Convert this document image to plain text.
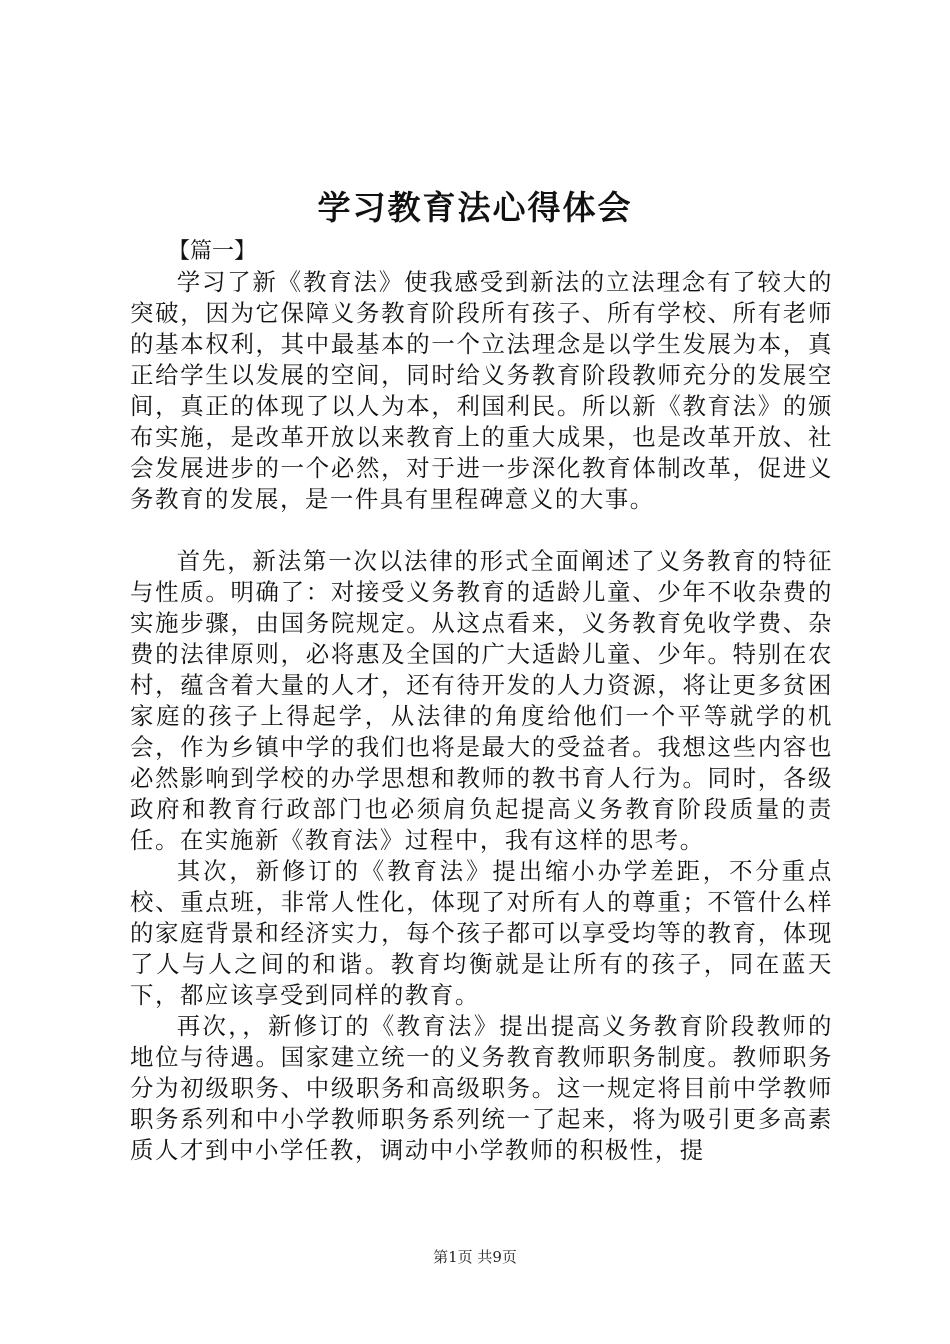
学习教育法心得体会
【篇一】

学习了新《教育法》使我感受到新法的立法理念有了较大的突破，因为它保障义务教育阶段所有孩子、所有学校、所有老师的基本权利，其中最基本的一个立法理念是以学生发展为本，真正给学生以发展的空间，同时给义务教育阶段教师充分的发展空间，真正的体现了以人为本，利国利民。所以新《教育法》的颁布实施，是改革开放以来教育上的重大成果，也是改革开放、社会发展进步的一个必然，对于进一步深化教育体制改革，促进义务教育的发展，是一件具有里程碑意义的大事。

首先，新法第一次以法律的形式全面阐述了义务教育的特征与性质。明确了：对接受义务教育的适龄儿童、少年不收杂费的实施步骤，由国务院规定。从这点看来，义务教育免收学费、杂费的法律原则，必将惠及全国的广大适龄儿童、少年。特别在农村，蕴含着大量的人才，还有待开发的人力资源，将让更多贫困家庭的孩子上得起学，从法律的角度给他们一个平等就学的机会，作为乡镇中学的我们也将是最大的受益者。我想这些内容也必然影响到学校的办学思想和教师的教书育人行为。同时，各级政府和教育行政部门也必须肩负起提高义务教育阶段质量的责任。在实施新《教育法》过程中，我有这样的思考。

其次，新修订的《教育法》提出缩小办学差距，不分重点校、重点班，非常人性化，体现了对所有人的尊重；不管什么样的家庭背景和经济实力，每个孩子都可以享受均等的教育，体现了人与人之间的和谐。教育均衡就是让所有的孩子，同在蓝天下，都应该享受到同样的教育。

再次，，新修订的《教育法》提出提高义务教育阶段教师的地位与待遇。国家建立统一的义务教育教师职务制度。教师职务分为初级职务、中级职务和高级职务。这一规定将目前中学教师职务系列和中小学教师职务系列统一了起来，将为吸引更多高素质人才到中小学任教，调动中小学教师的积极性，提

第1页 共9页
